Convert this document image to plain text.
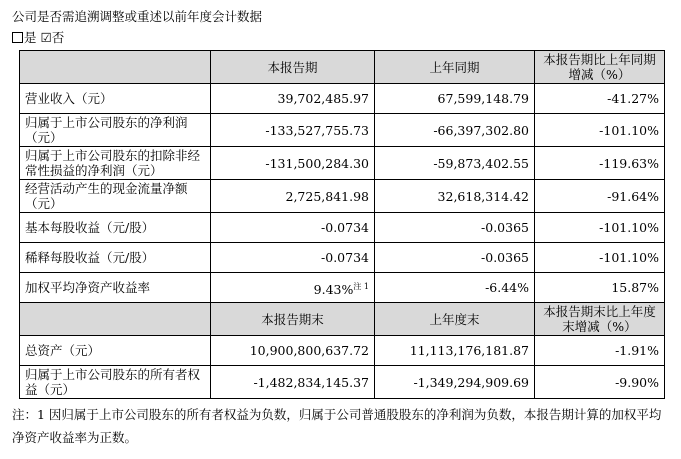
公司是否需追溯调整或重述以前年度会计数据
是 ☑否
	本报告期	上年同期	本报告期比上年同期增减（%）
营业收入（元）	39,702,485.97	67,599,148.79	-41.27%
归属于上市公司股东的净利润（元）	-133,527,755.73	-66,397,302.80	-101.10%
归属于上市公司股东的扣除非经常性损益的净利润（元）	-131,500,284.30	-59,873,402.55	-119.63%
经营活动产生的现金流量净额（元）	2,725,841.98	32,618,314.42	-91.64%
基本每股收益（元/股）	-0.0734	-0.0365	-101.10%
稀释每股收益（元/股）	-0.0734	-0.0365	-101.10%
加权平均净资产收益率	9.43%$^{注 1}$	-6.44%	15.87%
	本报告期末	上年度末	本报告期末比上年度末增减（%）
总资产（元）	10,900,800,637.72	11,113,176,181.87	-1.91%
归属于上市公司股东的所有者权益（元）	-1,482,834,145.37	-1,349,294,909.69	-9.90%
注：1 因归属于上市公司股东的所有者权益为负数，归属于公司普通股股东的净利润为负数，本报告期计算的加权平均
净资产收益率为正数。
